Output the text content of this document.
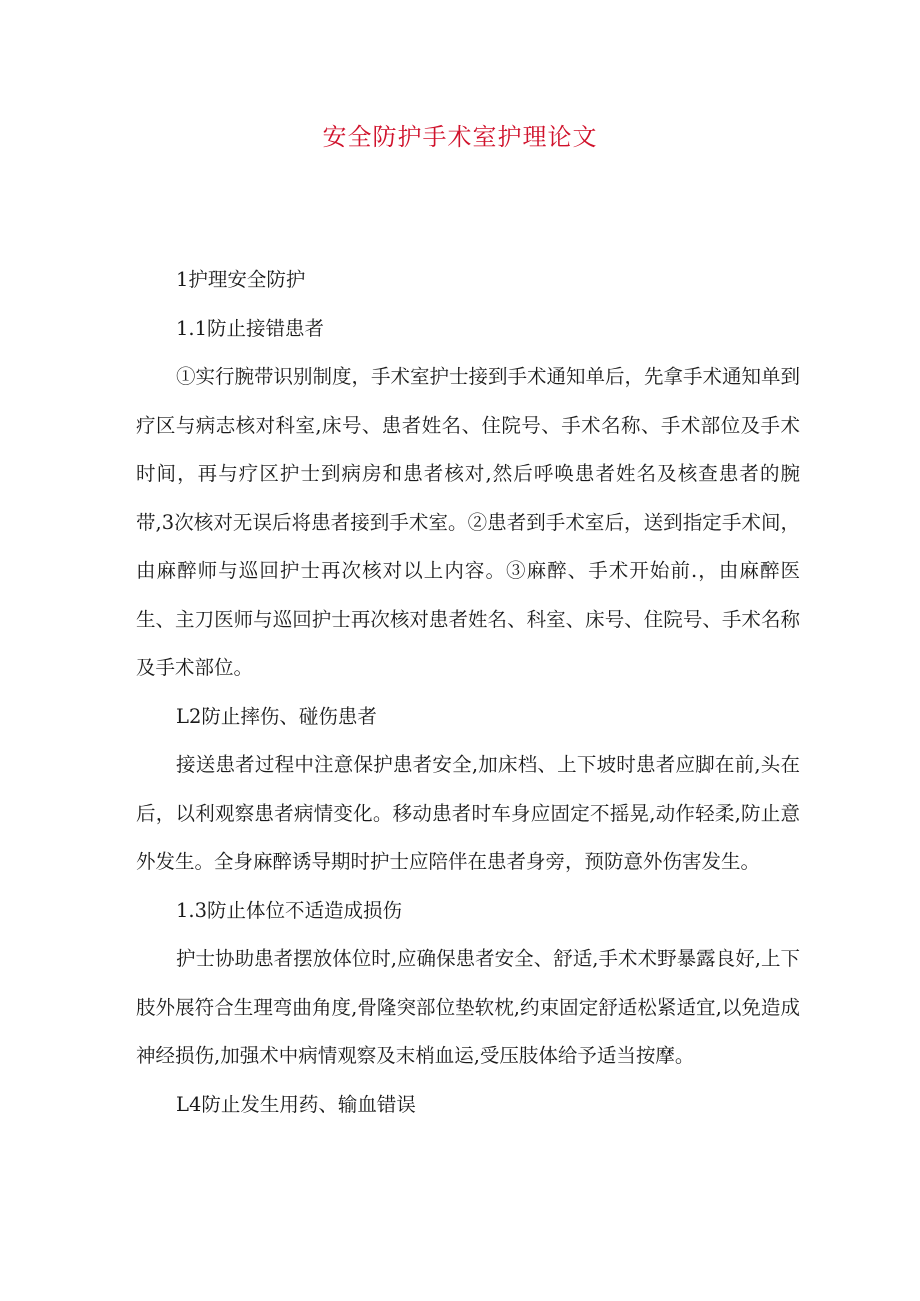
安全防护手术室护理论文

1护理安全防护

1.1防止接错患者

①实行腕带识别制度，手术室护士接到手术通知单后，先拿手术通知单到疗区与病志核对科室,床号、患者姓名、住院号、手术名称、手术部位及手术时间，再与疗区护士到病房和患者核对,然后呼唤患者姓名及核查患者的腕带,3次核对无误后将患者接到手术室。②患者到手术室后，送到指定手术间，由麻醉师与巡回护士再次核对以上内容。③麻醉、手术开始前.，由麻醉医生、主刀医师与巡回护士再次核对患者姓名、科室、床号、住院号、手术名称及手术部位。

L2防止摔伤、碰伤患者

接送患者过程中注意保护患者安全,加床档、上下坡时患者应脚在前,头在后，以利观察患者病情变化。移动患者时车身应固定不摇晃,动作轻柔,防止意外发生。全身麻醉诱导期时护士应陪伴在患者身旁，预防意外伤害发生。

1.3防止体位不适造成损伤

护士协助患者摆放体位时,应确保患者安全、舒适,手术术野暴露良好,上下肢外展符合生理弯曲角度,骨隆突部位垫软枕,约束固定舒适松紧适宜,以免造成神经损伤,加强术中病情观察及末梢血运,受压肢体给予适当按摩。

L4防止发生用药、输血错误
